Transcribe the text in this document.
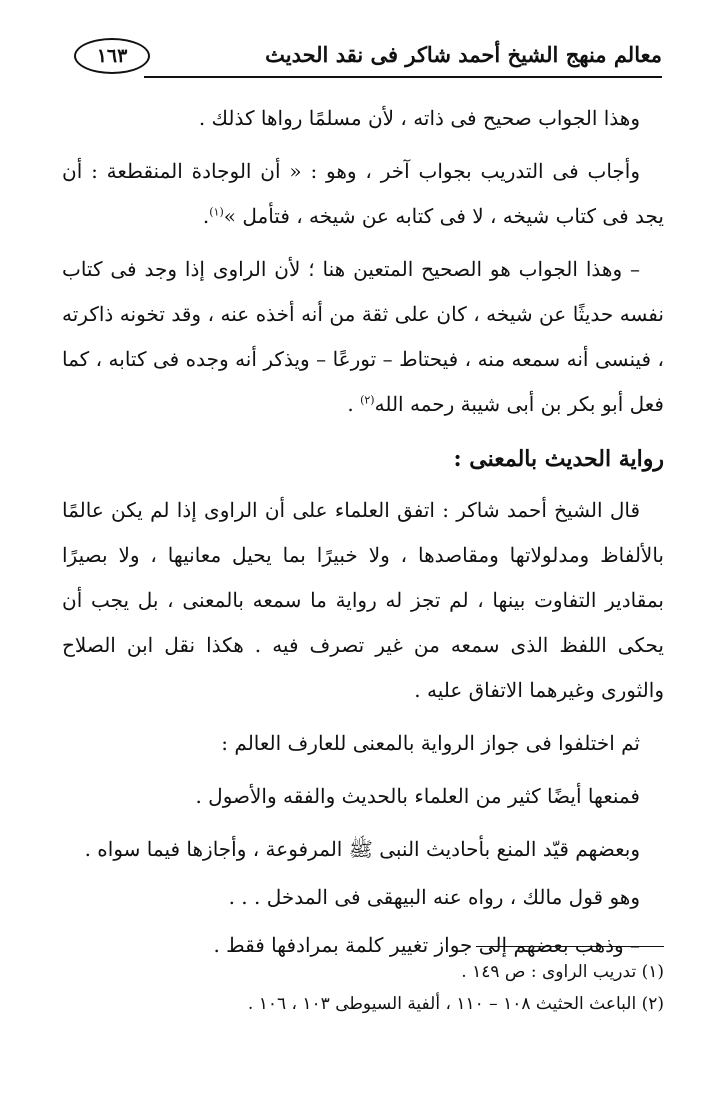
١٦٣	معالم منهج الشيخ أحمد شاكر فى نقد الحديث

وهذا الجواب صحيح فى ذاته ، لأن مسلمًا رواها كذلك .

وأجاب فى التدريب بجواب آخر ، وهو : « أن الوجادة المنقطعة : أن يجد فى كتاب شيخه ، لا فى كتابه عن شيخه ، فتأمل »$^{(١)}$.

– وهذا الجواب هو الصحيح المتعين هنا ؛ لأن الراوى إذا وجد فى كتاب نفسه حديثًا عن شيخه ، كان على ثقة من أنه أخذه عنه ، وقد تخونه ذاكرته ، فينسى أنه سمعه منه ، فيحتاط – تورعًا – ويذكر أنه وجده فى كتابه ، كما فعل أبو بكر بن أبى شيبة رحمه الله$^{(٢)}$ .

رواية الحديث بالمعنى :

قال الشيخ أحمد شاكر : اتفق العلماء على أن الراوى إذا لم يكن عالمًا بالألفاظ ومدلولاتها ومقاصدها ، ولا خبيرًا بما يحيل معانيها ، ولا بصيرًا بمقادير التفاوت بينها ، لم تجز له رواية ما سمعه بالمعنى ، بل يجب أن يحكى اللفظ الذى سمعه من غير تصرف فيه . هكذا نقل ابن الصلاح والثورى وغيرهما الاتفاق عليه .

ثم اختلفوا فى جواز الرواية بالمعنى للعارف العالم :

فمنعها أيضًا كثير من العلماء بالحديث والفقه والأصول .

وبعضهم قيّد المنع بأحاديث النبى ﷺ المرفوعة ، وأجازها فيما سواه .

وهو قول مالك ، رواه عنه البيهقى فى المدخل . . .

– وذهب بعضهم إلى جواز تغيير كلمة بمرادفها فقط .

(١) تدريب الراوى : ص ١٤٩ .

(٢) الباعث الحثيث ١٠٨ – ١١٠ ، ألفية السيوطى ١٠٣ ، ١٠٦ .
